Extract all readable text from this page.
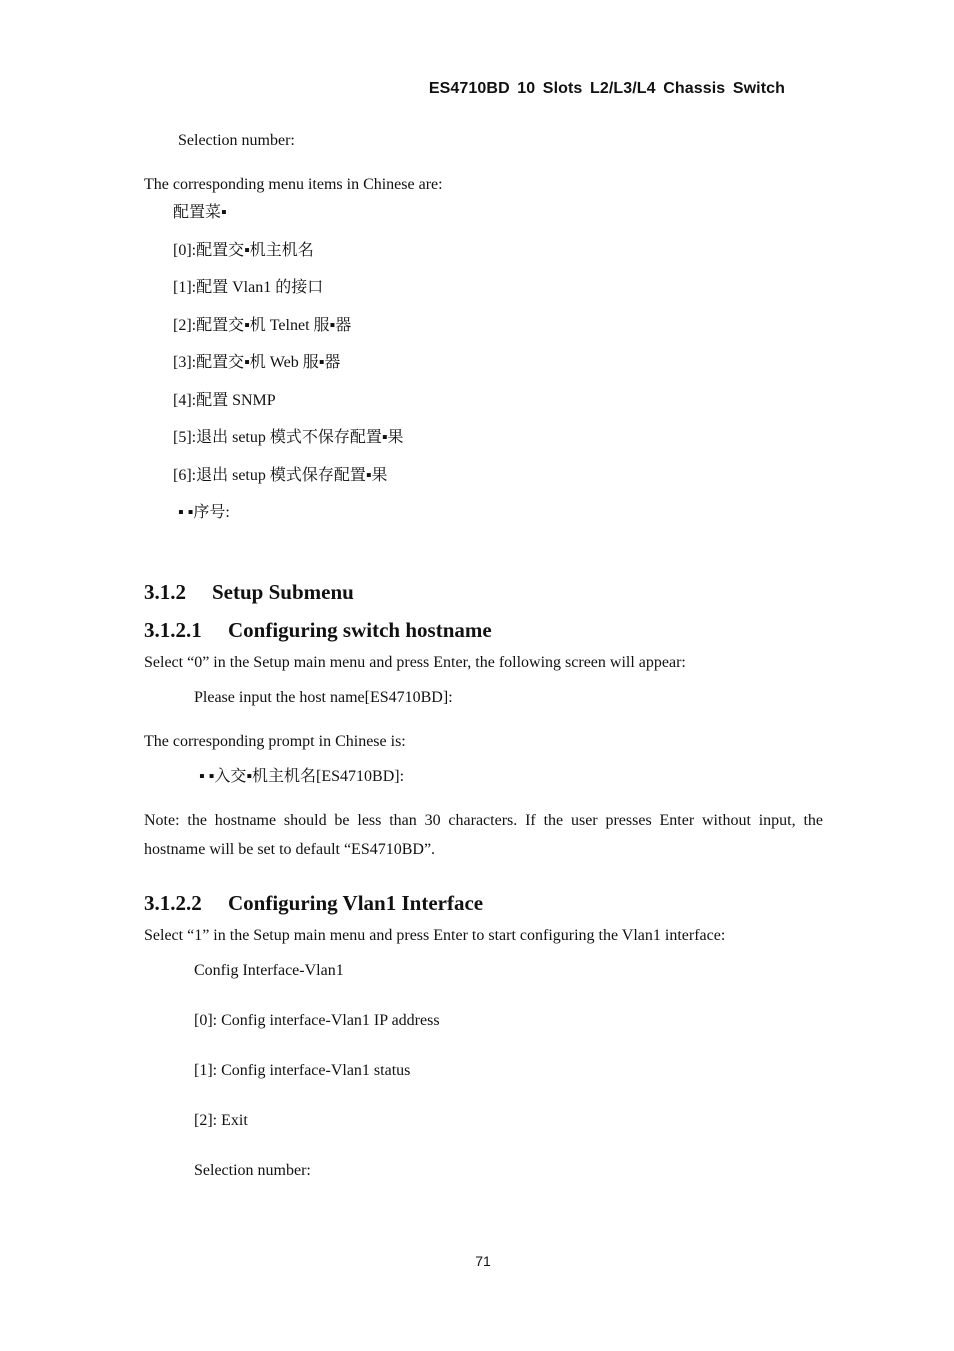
ES4710BD 10 Slots L2/L3/L4 Chassis Switch
Selection number:
The corresponding menu items in Chinese are:
配置菜▪
[0]:配置交▪机主机名
[1]:配置 Vlan1 的接口
[2]:配置交▪机 Telnet 服▪器
[3]:配置交▪机 Web 服▪器
[4]:配置 SNMP
[5]:退出 setup 模式不保存配置▪果
[6]:退出 setup 模式保存配置▪果
▪ ▪序号:
3.1.2 Setup Submenu
3.1.2.1 Configuring switch hostname
Select “0” in the Setup main menu and press Enter, the following screen will appear:
Please input the host name[ES4710BD]:
The corresponding prompt in Chinese is:
▪ ▪入交▪机主机名[ES4710BD]:
Note: the hostname should be less than 30 characters. If the user presses Enter without input, the hostname will be set to default “ES4710BD”.
3.1.2.2 Configuring Vlan1 Interface
Select “1” in the Setup main menu and press Enter to start configuring the Vlan1 interface:
Config Interface-Vlan1
[0]: Config interface-Vlan1 IP address
[1]: Config interface-Vlan1 status
[2]: Exit
Selection number:
71
